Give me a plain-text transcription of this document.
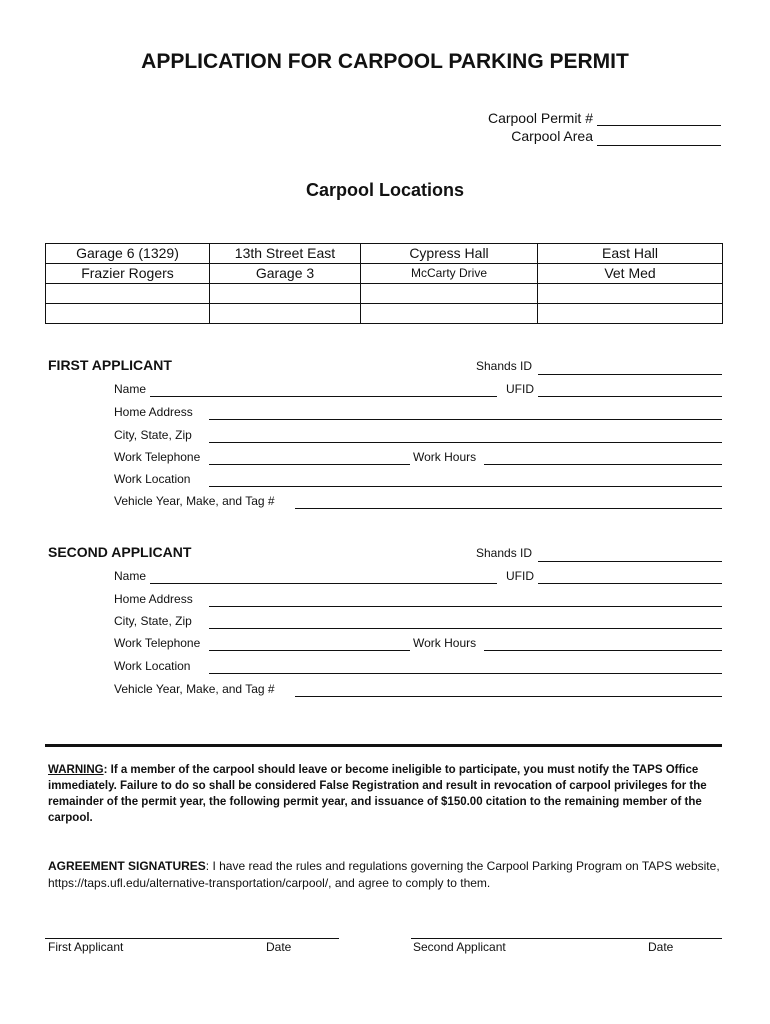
APPLICATION FOR CARPOOL PARKING PERMIT
Carpool Permit #
Carpool Area
Carpool Locations
Garage 6 (1329)	13th Street East	Cypress Hall	East Hall
Frazier Rogers	Garage 3	McCarty Drive	Vet Med

FIRST APPLICANT	Shands ID
Name	UFID
Home Address
City, State, Zip
Work Telephone	Work Hours
Work Location
Vehicle Year, Make, and Tag #
SECOND APPLICANT	Shands ID
Name	UFID
Home Address
City, State, Zip
Work Telephone	Work Hours
Work Location
Vehicle Year, Make, and Tag #
WARNING: If a member of the carpool should leave or become ineligible to participate, you must notify the TAPS Office immediately. Failure to do so shall be considered False Registration and result in revocation of carpool privileges for the remainder of the permit year, the following permit year, and issuance of $150.00 citation to the remaining member of the carpool.
AGREEMENT SIGNATURES: I have read the rules and regulations governing the Carpool Parking Program on TAPS website, https://taps.ufl.edu/alternative-transportation/carpool/, and agree to comply to them.
First Applicant	Date	Second Applicant	Date
